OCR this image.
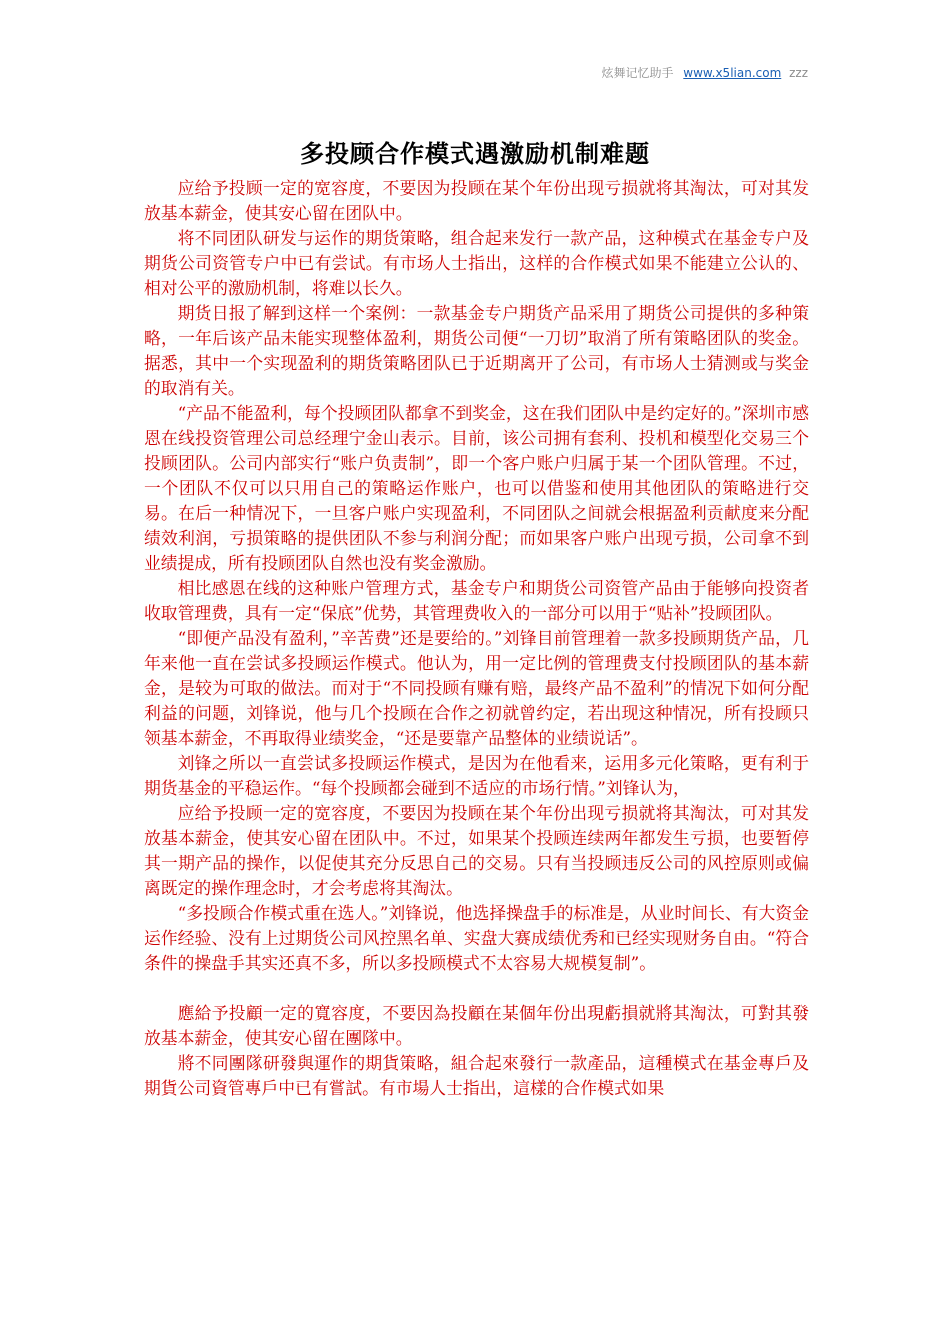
炫舞记忆助手 www.x5lian.com zzz
多投顾合作模式遇激励机制难题

应给予投顾一定的宽容度，不要因为投顾在某个年份出现亏损就将其淘汰，可对其发放基本薪金，使其安心留在团队中。

将不同团队研发与运作的期货策略，组合起来发行一款产品，这种模式在基金专户及期货公司资管专户中已有尝试。有市场人士指出，这样的合作模式如果不能建立公认的、相对公平的激励机制，将难以长久。

期货日报了解到这样一个案例：一款基金专户期货产品采用了期货公司提供的多种策略，一年后该产品未能实现整体盈利，期货公司便“一刀切”取消了所有策略团队的奖金。据悉，其中一个实现盈利的期货策略团队已于近期离开了公司，有市场人士猜测或与奖金的取消有关。

“产品不能盈利，每个投顾团队都拿不到奖金，这在我们团队中是约定好的。”深圳市感恩在线投资管理公司总经理宁金山表示。目前，该公司拥有套利、投机和模型化交易三个投顾团队。公司内部实行“账户负责制”，即一个客户账户归属于某一个团队管理。不过，一个团队不仅可以只用自己的策略运作账户，也可以借鉴和使用其他团队的策略进行交易。在后一种情况下，一旦客户账户实现盈利，不同团队之间就会根据盈利贡献度来分配绩效利润，亏损策略的提供团队不参与利润分配；而如果客户账户出现亏损，公司拿不到业绩提成，所有投顾团队自然也没有奖金激励。

相比感恩在线的这种账户管理方式，基金专户和期货公司资管产品由于能够向投资者收取管理费，具有一定“保底”优势，其管理费收入的一部分可以用于“贴补”投顾团队。

“即便产品没有盈利，”辛苦费”还是要给的。”刘锋目前管理着一款多投顾期货产品，几年来他一直在尝试多投顾运作模式。他认为，用一定比例的管理费支付投顾团队的基本薪金，是较为可取的做法。而对于“不同投顾有赚有赔，最终产品不盈利”的情况下如何分配利益的问题，刘锋说，他与几个投顾在合作之初就曾约定，若出现这种情况，所有投顾只领基本薪金，不再取得业绩奖金，“还是要靠产品整体的业绩说话”。

刘锋之所以一直尝试多投顾运作模式，是因为在他看来，运用多元化策略，更有利于期货基金的平稳运作。“每个投顾都会碰到不适应的市场行情。”刘锋认为，

应给予投顾一定的宽容度，不要因为投顾在某个年份出现亏损就将其淘汰，可对其发放基本薪金，使其安心留在团队中。不过，如果某个投顾连续两年都发生亏损，也要暂停其一期产品的操作，以促使其充分反思自己的交易。只有当投顾违反公司的风控原则或偏离既定的操作理念时，才会考虑将其淘汰。

“多投顾合作模式重在选人。”刘锋说，他选择操盘手的标准是，从业时间长、有大资金运作经验、没有上过期货公司风控黑名单、实盘大赛成绩优秀和已经实现财务自由。“符合条件的操盘手其实还真不多，所以多投顾模式不太容易大规模复制”。

應給予投顧一定的寬容度，不要因為投顧在某個年份出現虧損就將其淘汰，可對其發放基本薪金，使其安心留在團隊中。

將不同團隊研發與運作的期貨策略，組合起來發行一款產品，這種模式在基金專戶及期貨公司資管專戶中已有嘗試。有市場人士指出，這樣的合作模式如果
